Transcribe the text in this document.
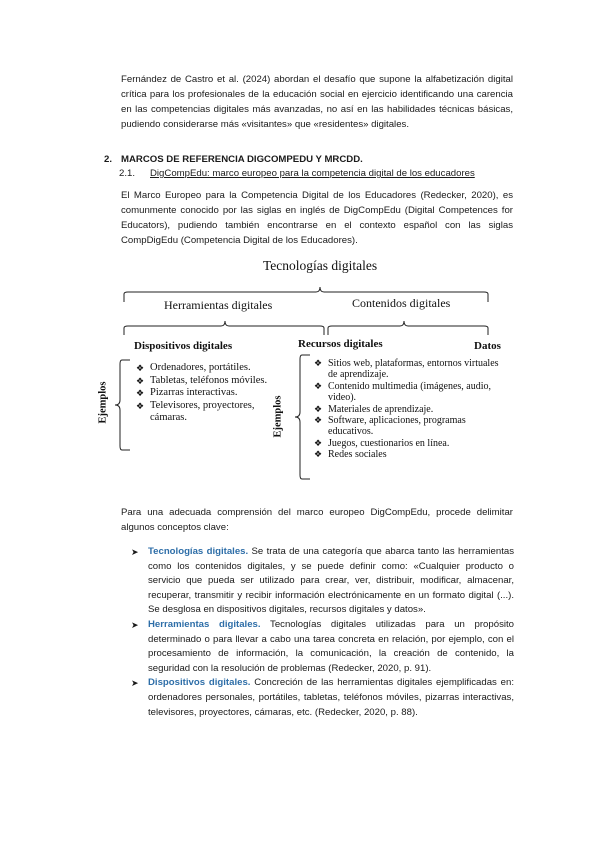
Fernández de Castro et al. (2024) abordan el desafío que supone la alfabetización digital crítica para los profesionales de la educación social en ejercicio identificando una carencia en las competencias digitales más avanzadas, no así en las habilidades técnicas básicas, pudiendo considerarse más «visitantes» que «residentes» digitales.
2. MARCOS DE REFERENCIA DIGCOMPEDU Y MRCDD.
2.1. DigCompEdu: marco europeo para la competencia digital de los educadores
El Marco Europeo para la Competencia Digital de los Educadores (Redecker, 2020), es comunmente conocido por las siglas en inglés de DigCompEdu (Digital Competences for Educators), pudiendo también encontrarse en el contexto español con las siglas CompDigEdu (Competencia Digital de los Educadores).
Tecnologías digitales
Herramientas digitales	Contenidos digitales
Dispositivos digitales	Recursos digitales	Datos
Ejemplos	Ejemplos
❖ Ordenadores, portátiles.
❖ Tabletas, teléfonos móviles.
❖ Pizarras interactivas.
❖ Televisores, proyectores, cámaras.
❖ Sitios web, plataformas, entornos virtuales de aprendizaje.
❖ Contenido multimedia (imágenes, audio, video).
❖ Materiales de aprendizaje.
❖ Software, aplicaciones, programas educativos.
❖ Juegos, cuestionarios en línea.
❖ Redes sociales
Para una adecuada comprensión del marco europeo DigCompEdu, procede delimitar algunos conceptos clave:
➤ Tecnologías digitales. Se trata de una categoría que abarca tanto las herramientas como los contenidos digitales, y se puede definir como: «Cualquier producto o servicio que pueda ser utilizado para crear, ver, distribuir, modificar, almacenar, recuperar, transmitir y recibir información electrónicamente en un formato digital (...). Se desglosa en dispositivos digitales, recursos digitales y datos».
➤ Herramientas digitales. Tecnologías digitales utilizadas para un propósito determinado o para llevar a cabo una tarea concreta en relación, por ejemplo, con el procesamiento de información, la comunicación, la creación de contenido, la seguridad con la resolución de problemas (Redecker, 2020, p. 91).
➤ Dispositivos digitales. Concreción de las herramientas digitales ejemplificadas en: ordenadores personales, portátiles, tabletas, teléfonos móviles, pizarras interactivas, televisores, proyectores, cámaras, etc. (Redecker, 2020, p. 88).
